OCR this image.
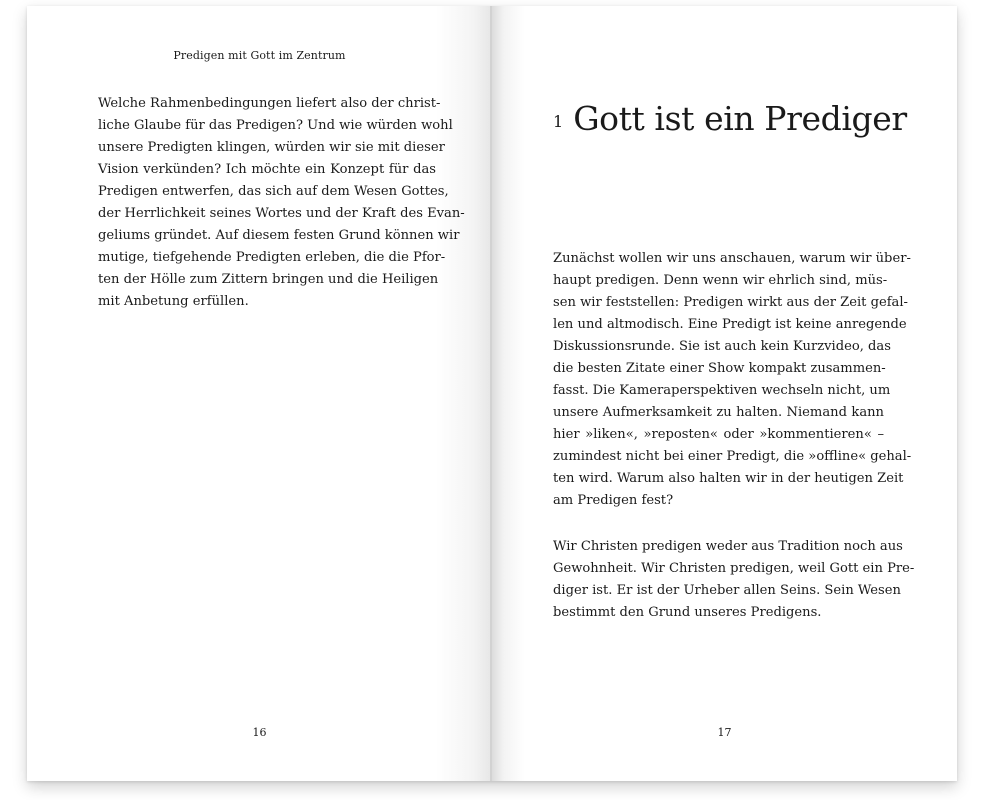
Predigen mit Gott im Zentrum
Welche Rahmenbedingungen liefert also der christ-
liche Glaube für das Predigen? Und wie würden wohl
unsere Predigten klingen, würden wir sie mit dieser
Vision verkünden? Ich möchte ein Konzept für das
Predigen entwerfen, das sich auf dem Wesen Gottes,
der Herrlichkeit seines Wortes und der Kraft des Evan-
geliums gründet. Auf diesem festen Grund können wir
mutige, tiefgehende Predigten erleben, die die Pfor-
ten der Hölle zum Zittern bringen und die Heiligen
mit Anbetung erfüllen.
16
1 Gott ist ein Prediger
Zunächst wollen wir uns anschauen, warum wir über-
haupt predigen. Denn wenn wir ehrlich sind, müs-
sen wir feststellen: Predigen wirkt aus der Zeit gefal-
len und altmodisch. Eine Predigt ist keine anregende
Diskussionsrunde. Sie ist auch kein Kurzvideo, das
die besten Zitate einer Show kompakt zusammen-
fasst. Die Kameraperspektiven wechseln nicht, um
unsere Aufmerksamkeit zu halten. Niemand kann
hier »liken«, »reposten« oder »kommentieren« –
zumindest nicht bei einer Predigt, die »offline« gehal-
ten wird. Warum also halten wir in der heutigen Zeit
am Predigen fest?
Wir Christen predigen weder aus Tradition noch aus
Gewohnheit. Wir Christen predigen, weil Gott ein Pre-
diger ist. Er ist der Urheber allen Seins. Sein Wesen
bestimmt den Grund unseres Predigens.
17
